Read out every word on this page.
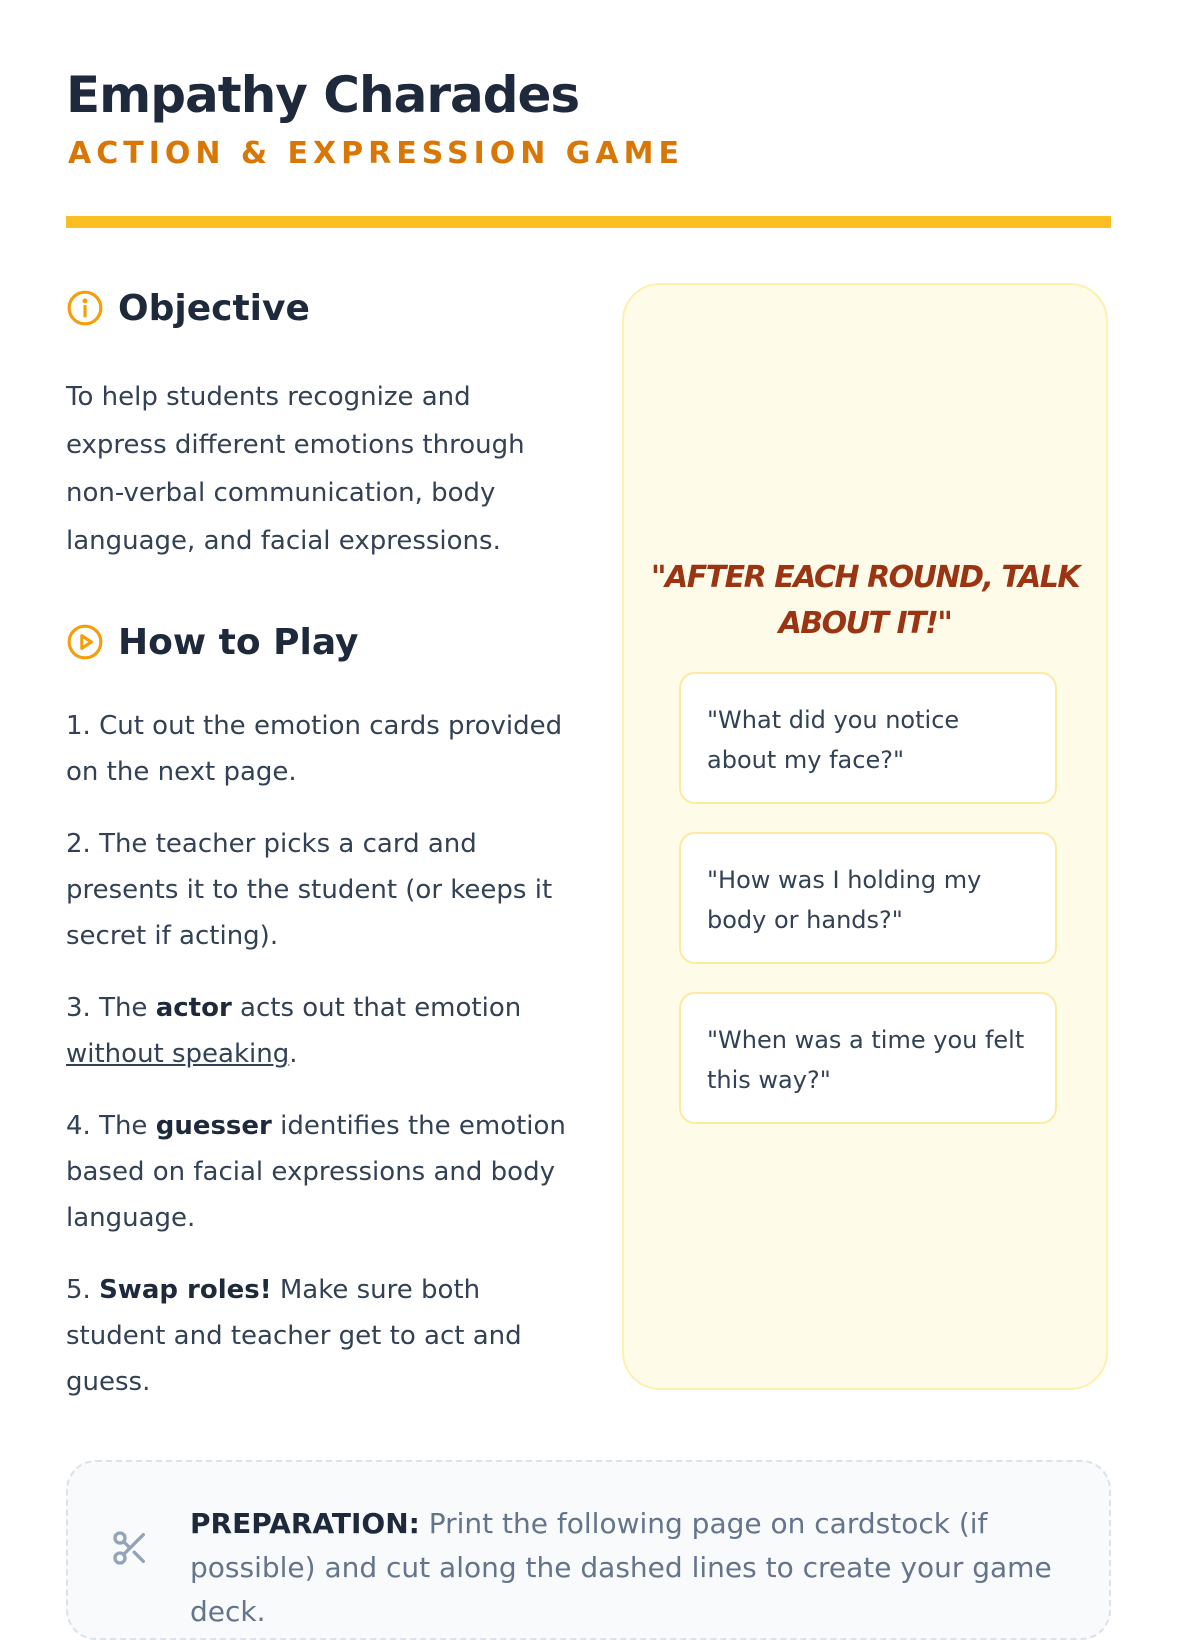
Empathy Charades
ACTION & EXPRESSION GAME
Objective

To help students recognize and express different emotions through non-verbal communication, body language, and facial expressions.

How to Play
1. Cut out the emotion cards provided on the next page.
2. The teacher picks a card and presents it to the student (or keeps it secret if acting).
3. The actor acts out that emotion without speaking.
4. The guesser identifies the emotion based on facial expressions and body language.
5. Swap roles! Make sure both student and teacher get to act and guess.
"AFTER EACH ROUND, TALK ABOUT IT!"
"What did you notice about my face?"
"How was I holding my body or hands?"
"When was a time you felt this way?"
PREPARATION: Print the following page on cardstock (if possible) and cut along the dashed lines to create your game deck.
